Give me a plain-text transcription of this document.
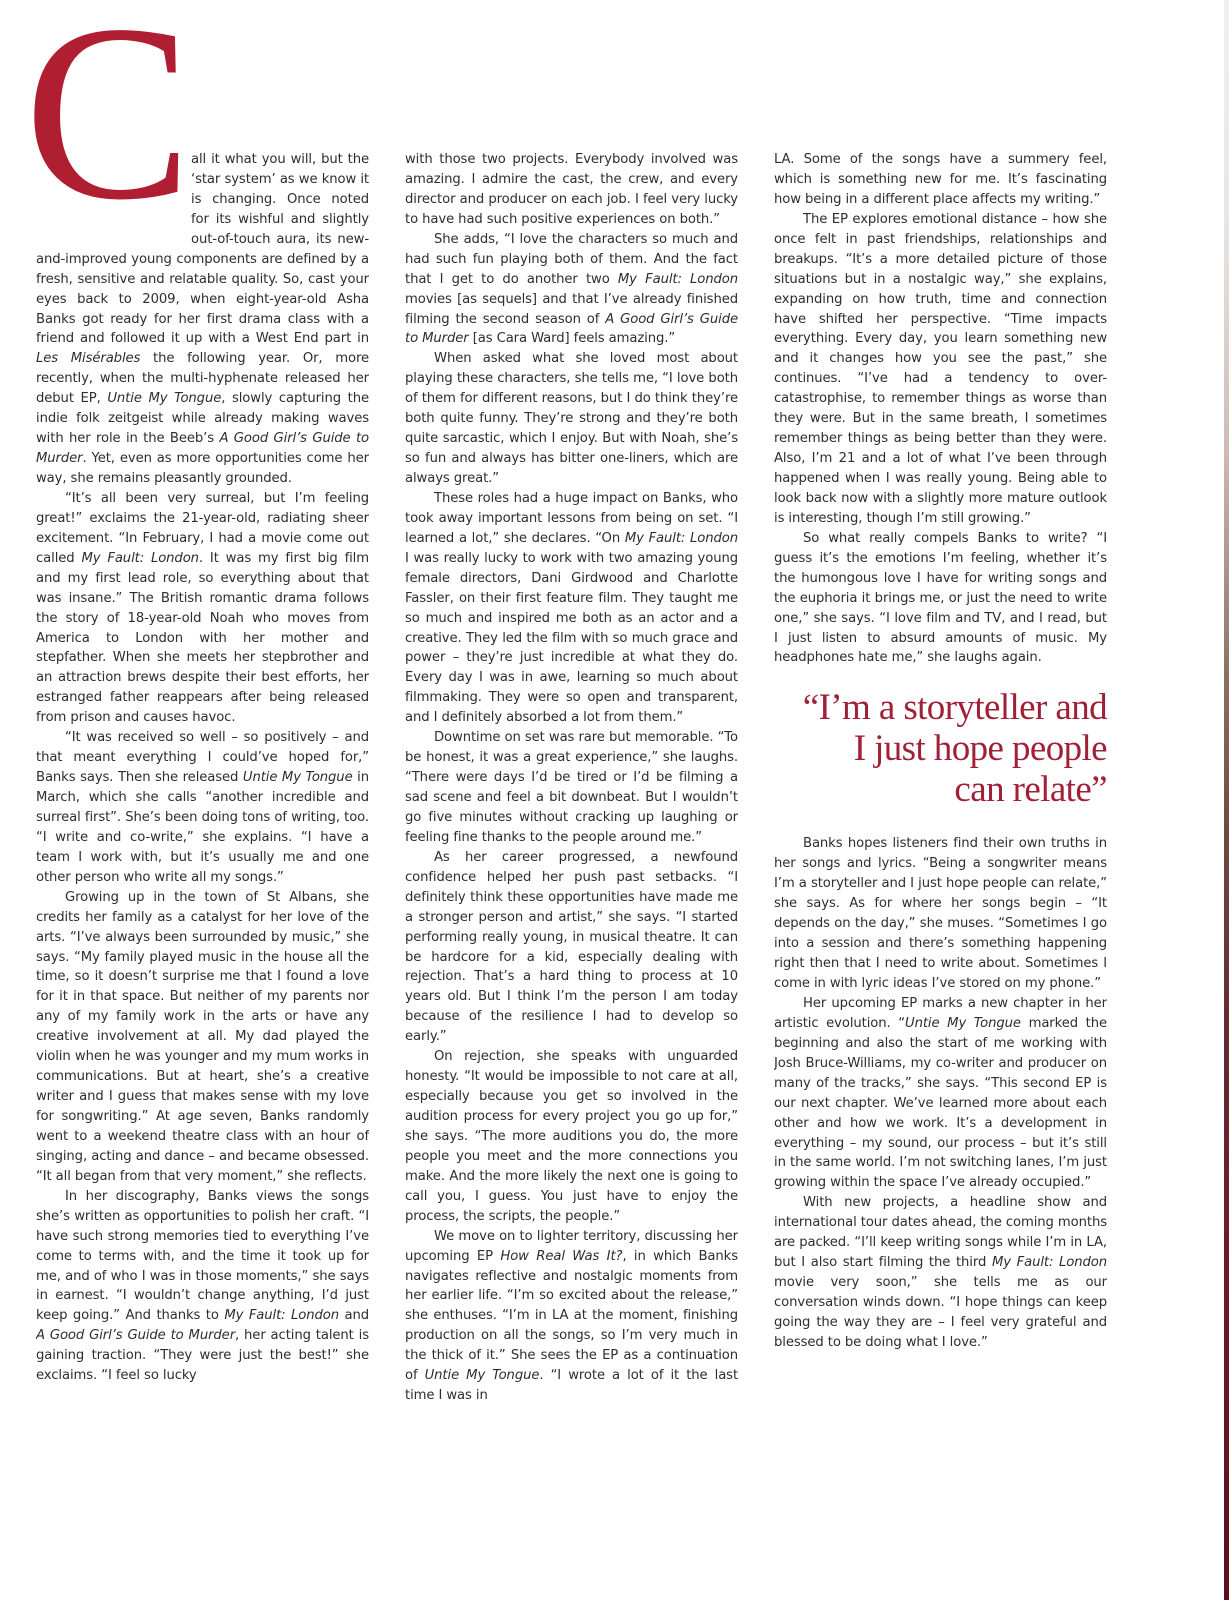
C

all it what you will, but the ‘star system’ as we know it is changing. Once noted for its wishful and slightly out-of-touch aura, its new-and-improved young components are defined by a fresh, sensitive and relatable quality. So, cast your eyes back to 2009, when eight-year-old Asha Banks got ready for her first drama class with a friend and followed it up with a West End part in Les Misérables the following year. Or, more recently, when the multi-hyphenate released her debut EP, Untie My Tongue, slowly capturing the indie folk zeitgeist while already making waves with her role in the Beeb’s A Good Girl’s Guide to Murder. Yet, even as more opportunities come her way, she remains pleasantly grounded.

“It’s all been very surreal, but I’m feeling great!” exclaims the 21-year-old, radiating sheer excitement. “In February, I had a movie come out called My Fault: London. It was my first big film and my first lead role, so everything about that was insane.” The British romantic drama follows the story of 18-year-old Noah who moves from America to London with her mother and stepfather. When she meets her stepbrother and an attraction brews despite their best efforts, her estranged father reappears after being released from prison and causes havoc.

“It was received so well – so positively – and that meant everything I could’ve hoped for,” Banks says. Then she released Untie My Tongue in March, which she calls “another incredible and surreal first”. She’s been doing tons of writing, too. “I write and co-write,” she explains. “I have a team I work with, but it’s usually me and one other person who write all my songs.”

Growing up in the town of St Albans, she credits her family as a catalyst for her love of the arts. “I’ve always been surrounded by music,” she says. “My family played music in the house all the time, so it doesn’t surprise me that I found a love for it in that space. But neither of my parents nor any of my family work in the arts or have any creative involvement at all. My dad played the violin when he was younger and my mum works in communications. But at heart, she’s a creative writer and I guess that makes sense with my love for songwriting.” At age seven, Banks randomly went to a weekend theatre class with an hour of singing, acting and dance – and became obsessed. “It all began from that very moment,” she reflects.

In her discography, Banks views the songs she’s written as opportunities to polish her craft. “I have such strong memories tied to everything I’ve come to terms with, and the time it took up for me, and of who I was in those moments,” she says in earnest. “I wouldn’t change anything, I’d just keep going.” And thanks to My Fault: London and A Good Girl’s Guide to Murder, her acting talent is gaining traction. “They were just the best!” she exclaims. “I feel so lucky

with those two projects. Everybody involved was amazing. I admire the cast, the crew, and every director and producer on each job. I feel very lucky to have had such positive experiences on both.”

She adds, “I love the characters so much and had such fun playing both of them. And the fact that I get to do another two My Fault: London movies [as sequels] and that I’ve already finished filming the second season of A Good Girl’s Guide to Murder [as Cara Ward] feels amazing.”

When asked what she loved most about playing these characters, she tells me, “I love both of them for different reasons, but I do think they’re both quite funny. They’re strong and they’re both quite sarcastic, which I enjoy. But with Noah, she’s so fun and always has bitter one-liners, which are always great.”

These roles had a huge impact on Banks, who took away important lessons from being on set. “I learned a lot,” she declares. “On My Fault: London I was really lucky to work with two amazing young female directors, Dani Girdwood and Charlotte Fassler, on their first feature film. They taught me so much and inspired me both as an actor and a creative. They led the film with so much grace and power – they’re just incredible at what they do. Every day I was in awe, learning so much about filmmaking. They were so open and transparent, and I definitely absorbed a lot from them.”

Downtime on set was rare but memorable. “To be honest, it was a great experience,” she laughs. “There were days I’d be tired or I’d be filming a sad scene and feel a bit downbeat. But I wouldn’t go five minutes without cracking up laughing or feeling fine thanks to the people around me.”

As her career progressed, a newfound confidence helped her push past setbacks. “I definitely think these opportunities have made me a stronger person and artist,” she says. “I started performing really young, in musical theatre. It can be hardcore for a kid, especially dealing with rejection. That’s a hard thing to process at 10 years old. But I think I’m the person I am today because of the resilience I had to develop so early.”

On rejection, she speaks with unguarded honesty. “It would be impossible to not care at all, especially because you get so involved in the audition process for every project you go up for,” she says. “The more auditions you do, the more people you meet and the more connections you make. And the more likely the next one is going to call you, I guess. You just have to enjoy the process, the scripts, the people.”

We move on to lighter territory, discussing her upcoming EP How Real Was It?, in which Banks navigates reflective and nostalgic moments from her earlier life. “I’m so excited about the release,” she enthuses. “I’m in LA at the moment, finishing production on all the songs, so I’m very much in the thick of it.” She sees the EP as a continuation of Untie My Tongue. “I wrote a lot of it the last time I was in

LA. Some of the songs have a summery feel, which is something new for me. It’s fascinating how being in a different place affects my writing.”

The EP explores emotional distance – how she once felt in past friendships, relationships and breakups. “It’s a more detailed picture of those situations but in a nostalgic way,” she explains, expanding on how truth, time and connection have shifted her perspective. “Time impacts everything. Every day, you learn something new and it changes how you see the past,” she continues. “I’ve had a tendency to over-catastrophise, to remember things as worse than they were. But in the same breath, I sometimes remember things as being better than they were. Also, I’m 21 and a lot of what I’ve been through happened when I was really young. Being able to look back now with a slightly more mature outlook is interesting, though I’m still growing.”

So what really compels Banks to write? “I guess it’s the emotions I’m feeling, whether it’s the humongous love I have for writing songs and the euphoria it brings me, or just the need to write one,” she says. “I love film and TV, and I read, but I just listen to absurd amounts of music. My headphones hate me,” she laughs again.

“I’m a storyteller and
I just hope people
can relate”

Banks hopes listeners find their own truths in her songs and lyrics. “Being a songwriter means I’m a storyteller and I just hope people can relate,” she says. As for where her songs begin – “It depends on the day,” she muses. “Sometimes I go into a session and there’s something happening right then that I need to write about. Sometimes I come in with lyric ideas I’ve stored on my phone.”

Her upcoming EP marks a new chapter in her artistic evolution. “Untie My Tongue marked the beginning and also the start of me working with Josh Bruce-Williams, my co-writer and producer on many of the tracks,” she says. “This second EP is our next chapter. We’ve learned more about each other and how we work. It’s a development in everything – my sound, our process – but it’s still in the same world. I’m not switching lanes, I’m just growing within the space I’ve already occupied.”

With new projects, a headline show and international tour dates ahead, the coming months are packed. “I’ll keep writing songs while I’m in LA, but I also start filming the third My Fault: London movie very soon,” she tells me as our conversation winds down. “I hope things can keep going the way they are – I feel very grateful and blessed to be doing what I love.”
